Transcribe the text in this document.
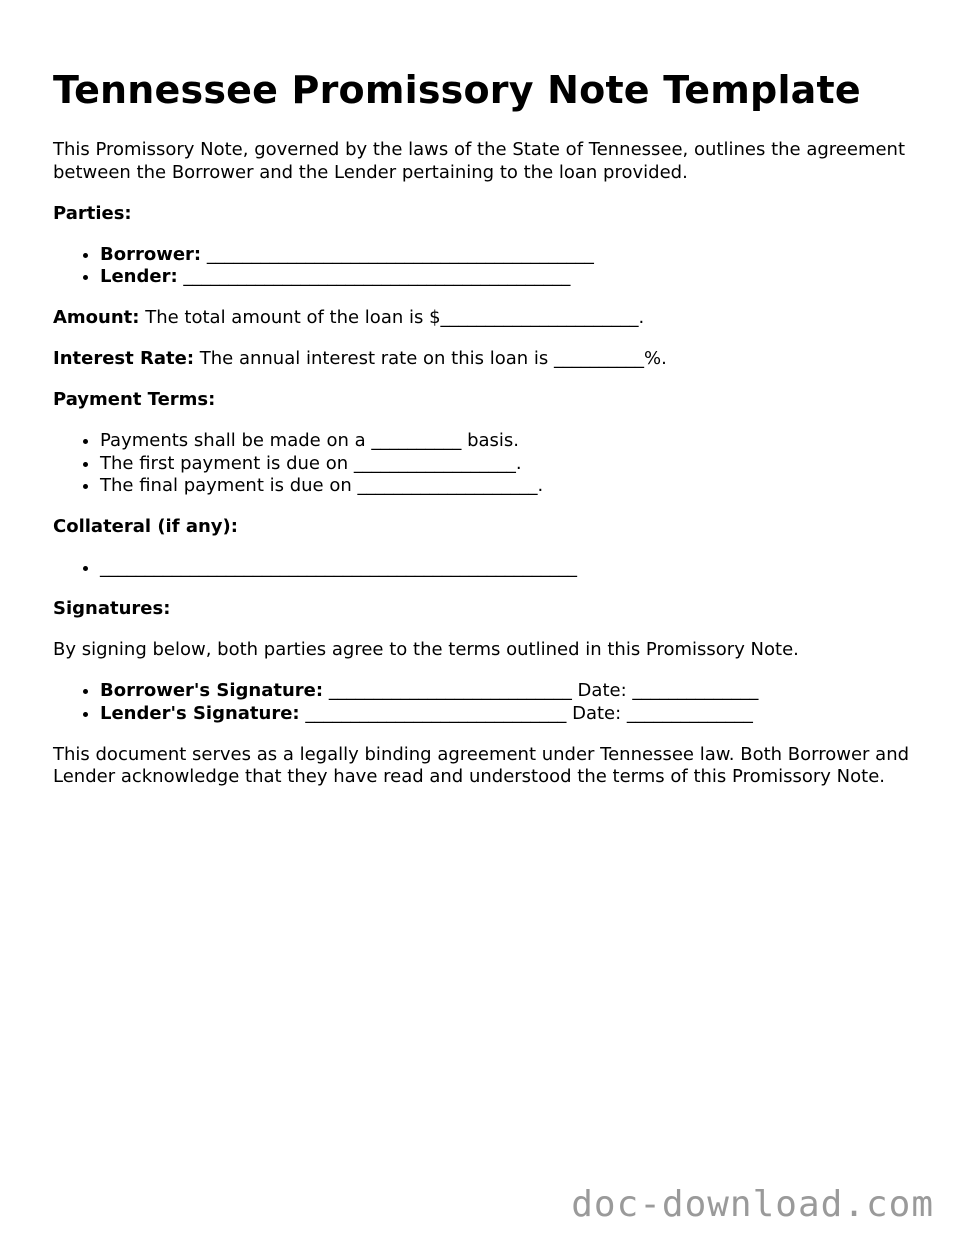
Tennessee Promissory Note Template

This Promissory Note, governed by the laws of the State of Tennessee, outlines the agreement between the Borrower and the Lender pertaining to the loan provided.

Parties:

• Borrower: ___________________________________________
• Lender: ___________________________________________

Amount: The total amount of the loan is $______________________.

Interest Rate: The annual interest rate on this loan is __________%.

Payment Terms:

• Payments shall be made on a __________ basis.
• The first payment is due on __________________.
• The final payment is due on ____________________.

Collateral (if any):

• _____________________________________________________

Signatures:

By signing below, both parties agree to the terms outlined in this Promissory Note.

• Borrower's Signature: ___________________________ Date: ______________
• Lender's Signature: _____________________________ Date: ______________

This document serves as a legally binding agreement under Tennessee law. Both Borrower and Lender acknowledge that they have read and understood the terms of this Promissory Note.

doc-download.com
